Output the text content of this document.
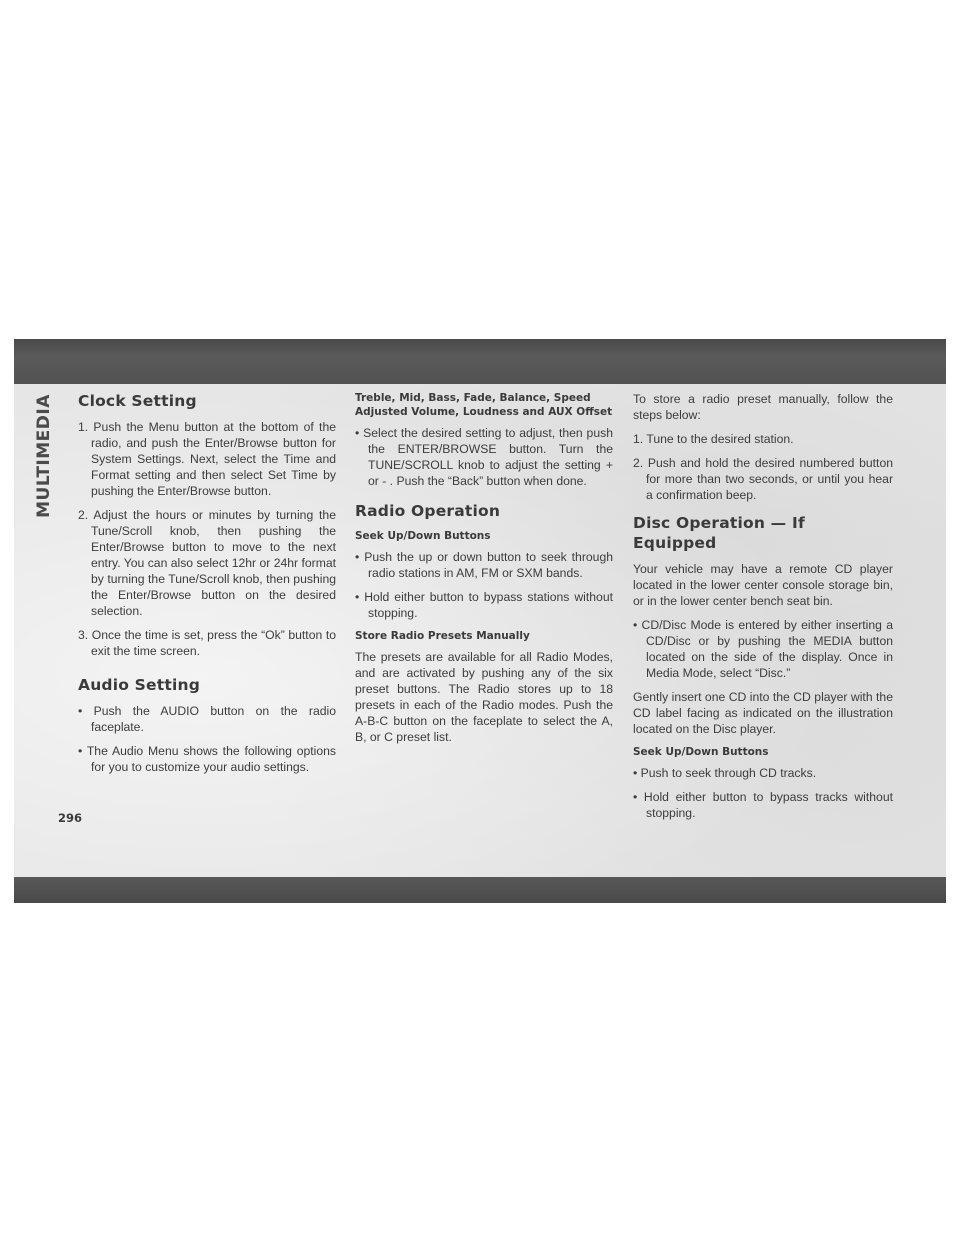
MULTIMEDIA Clock Setting
1. Push the Menu button at the bottom of the radio, and push the Enter/Browse button for System Settings. Next, select the Time and Format setting and then select Set Time by pushing the Enter/Browse button.
2. Adjust the hours or minutes by turning the Tune/Scroll knob, then pushing the Enter/Browse button to move to the next entry. You can also select 12hr or 24hr format by turning the Tune/Scroll knob, then pushing the Enter/Browse button on the desired selection.
3. Once the time is set, press the “Ok” button to exit the time screen.
Audio Setting
• Push the AUDIO button on the radio faceplate.
• The Audio Menu shows the following options for you to customize your audio settings.
Treble, Mid, Bass, Fade, Balance, Speed Adjusted Volume, Loudness and AUX Offset
• Select the desired setting to adjust, then push the ENTER/BROWSE button. Turn the TUNE/SCROLL knob to adjust the setting + or - . Push the “Back” button when done.
Radio Operation
Seek Up/Down Buttons
• Push the up or down button to seek through radio stations in AM, FM or SXM bands.
• Hold either button to bypass stations without stopping.
Store Radio Presets Manually

The presets are available for all Radio Modes, and are activated by pushing any of the six preset buttons. The Radio stores up to 18 presets in each of the Radio modes. Push the A-B-C button on the faceplate to select the A, B, or C preset list.

To store a radio preset manually, follow the steps below:

1. Tune to the desired station.
2. Push and hold the desired numbered button for more than two seconds, or until you hear a confirmation beep.
Disc Operation — If Equipped

Your vehicle may have a remote CD player located in the lower center console storage bin, or in the lower center bench seat bin.

• CD/Disc Mode is entered by either inserting a CD/Disc or by pushing the MEDIA button located on the side of the display. Once in Media Mode, select “Disc.”

Gently insert one CD into the CD player with the CD label facing as indicated on the illustration located on the Disc player.

Seek Up/Down Buttons
• Push to seek through CD tracks.
• Hold either button to bypass tracks without stopping.
296
